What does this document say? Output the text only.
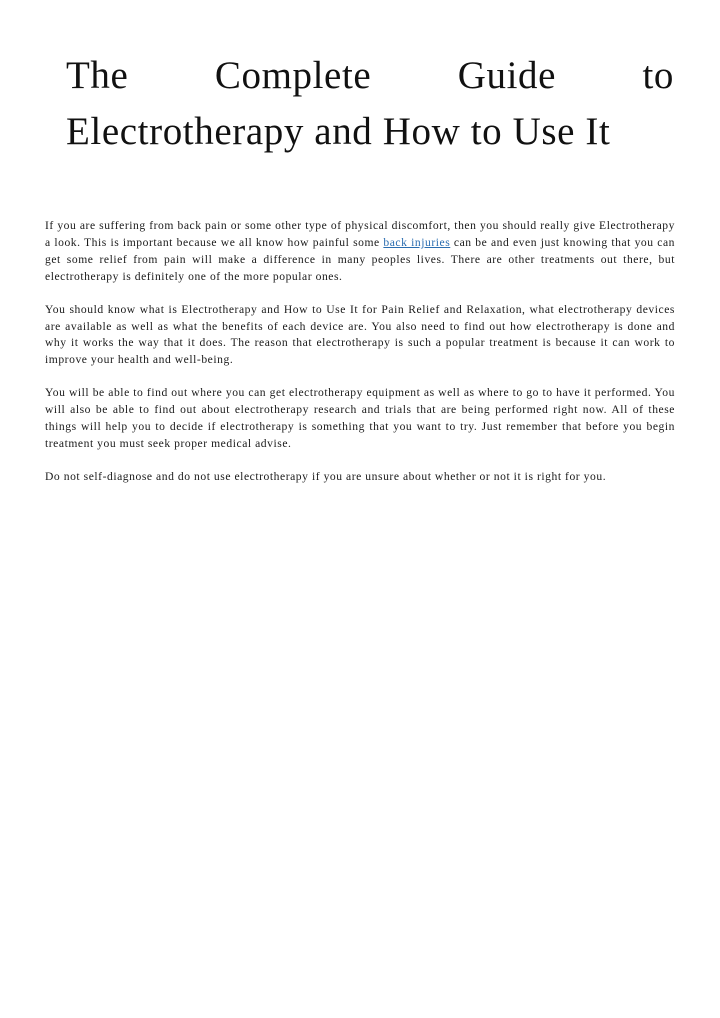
The Complete Guide to Electrotherapy and How to Use It

If you are suffering from back pain or some other type of physical discomfort, then you should really give Electrotherapy a look. This is important because we all know how painful some back injuries can be and even just knowing that you can get some relief from pain will make a difference in many peoples lives. There are other treatments out there, but electrotherapy is definitely one of the more popular ones.

You should know what is Electrotherapy and How to Use It for Pain Relief and Relaxation, what electrotherapy devices are available as well as what the benefits of each device are. You also need to find out how electrotherapy is done and why it works the way that it does. The reason that electrotherapy is such a popular treatment is because it can work to improve your health and well-being.

You will be able to find out where you can get electrotherapy equipment as well as where to go to have it performed. You will also be able to find out about electrotherapy research and trials that are being performed right now. All of these things will help you to decide if electrotherapy is something that you want to try. Just remember that before you begin treatment you must seek proper medical advise.

Do not self-diagnose and do not use electrotherapy if you are unsure about whether or not it is right for you.
